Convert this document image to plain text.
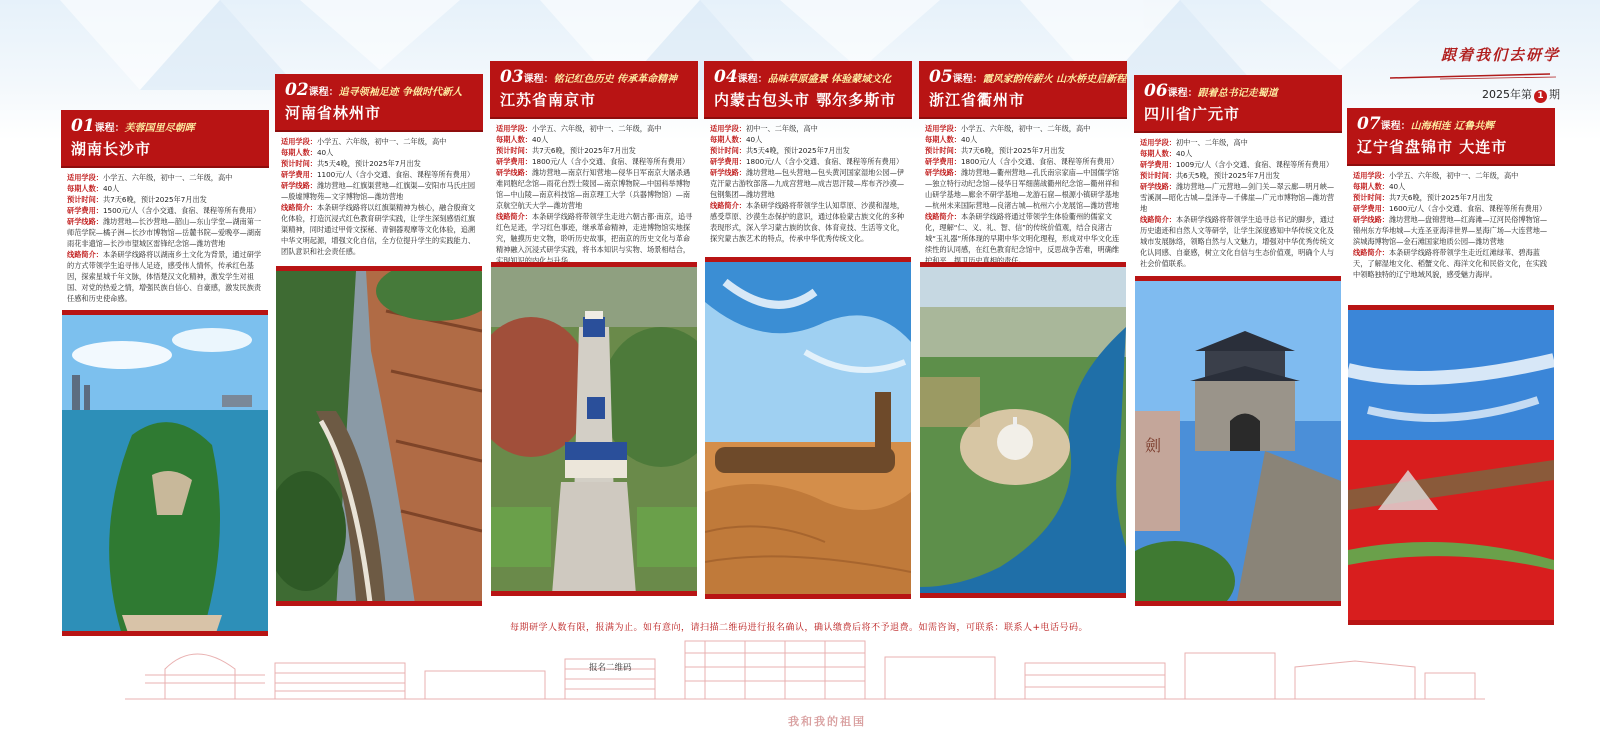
跟着我们去研学
2025年第 1 期
01课程：芙蓉国里尽朝晖
湖南长沙市
适用学段：小学五、六年级，初中一、二年级，高中
每期人数：40人
预计时间：共7天6晚，预计2025年7月出发
研学费用：1500元/人（含小交通、食宿、课程等所有费用）
研学线路：潍坊营地—长沙营地—韶山—东山学堂—湖南第一师范学院—橘子洲—长沙市博物馆—岳麓书院—爱晚亭—湖南雨花非遗馆—长沙市望城区雷锋纪念馆—潍坊营地
线路简介：本条研学线路将以湖南乡土文化为背景，通过研学的方式带领学生追寻伟人足迹，感受伟人情怀，传承红色基因，探索星城千年文脉，体悟楚汉文化精神，激发学生对祖国、对党的热爱之情，增强民族自信心、自豪感，激发民族责任感和历史使命感。
02课程：追寻领袖足迹 争做时代新人
河南省林州市
适用学段：小学五、六年级，初中一、二年级，高中
每期人数：40人
预计时间：共5天4晚，预计2025年7月出发
研学费用：1100元/人（含小交通、食宿、课程等所有费用）
研学线路：潍坊营地—红旗渠营地—红旗渠—安阳市马氏庄园—殷墟博物苑—文字博物馆—潍坊营地
线路简介：本条研学线路将以红旗渠精神为核心，融合殷商文化体验，打造沉浸式红色教育研学实践，让学生深刻感悟红旗渠精神，同时通过甲骨文探秘、青铜器观摩等文化体验，追溯中华文明起源，增强文化自信，全方位提升学生的实践能力、团队意识和社会责任感。
03课程：铭记红色历史 传承革命精神
江苏省南京市
适用学段：小学五、六年级，初中一、二年级，高中
每期人数：40人
预计时间：共7天6晚，预计2025年7月出发
研学费用：1800元/人（含小交通、食宿、课程等所有费用）
研学线路：潍坊营地—南京行知营地—侵华日军南京大屠杀遇难同胞纪念馆—雨花台烈士陵园—南京博物院—中国科举博物馆—中山陵—南京科技馆—南京理工大学（兵器博物馆）—南京航空航天大学—潍坊营地
线路简介：本条研学线路将带领学生走进六朝古都·南京，追寻红色足迹，学习红色事迹，继承革命精神，走进博物馆实地探究，触摸历史文物，聆听历史故事，把南京的历史文化与革命精神融入沉浸式研学实践，将书本知识与实物、场景相结合，实现知识的内化与升华。
04课程：品味草原盛景 体验蒙域文化
内蒙古包头市 鄂尔多斯市
适用学段：初中一、二年级，高中
每期人数：40人
预计时间：共5天4晚，预计2025年7月出发
研学费用：1800元/人（含小交通、食宿、课程等所有费用）
研学线路：潍坊营地—包头营地—包头黄河国家湿地公园—伊克汗蒙古游牧部落—九成宫营地—成吉思汗陵—库布齐沙漠—包钢集团—潍坊营地
线路简介：本条研学线路将带领学生认知草原、沙漠和湿地，感受草原、沙漠生态保护的意识，通过体验蒙古族文化的多种表现形式，深入学习蒙古族的饮食、体育竞技、生活等文化，探究蒙古族艺术的特点，传承中华优秀传统文化。
05课程：霞风家韵传薪火 山水桥史启新程
浙江省衢州市
适用学段：小学五、六年级，初中一、二年级，高中
每期人数：40人
预计时间：共7天6晚，预计2025年7月出发
研学费用：1800元/人（含小交通、食宿、课程等所有费用）
研学线路：潍坊营地—衢州营地—孔氏南宗家庙—中国儒学馆—独立特行动纪念馆—侵华日军细菌战衢州纪念馆—衢州祥和山研学基地—廊余不研学基地—龙游石窟—根源小镇研学基地—杭州未来国际营地—良渚古城—杭州六小龙展馆—潍坊营地
线路简介：本条研学线路将通过带领学生体验衢州的儒家文化，理解“仁、义、礼、智、信”的传统价值观，结合良渚古城“玉礼器”所体现的早期中华文明化理程，形成对中华文化连续性的认同感，在红色教育纪念馆中，反思战争苦难，明确维护和平、捍卫历史真相的责任。
06课程：跟着总书记走蜀道
四川省广元市
适用学段：初中一、二年级，高中
每期人数：40人
研学费用：1009元/人（含小交通、食宿、课程等所有费用）
预计时间：共6天5晚，预计2025年7月出发
研学线路：潍坊营地—广元营地—剑门关—翠云廊—明月峡—雪溪洞—昭化古城—皇泽寺—千佛崖—广元市博物馆—潍坊营地
线路简介：本条研学线路将带领学生追寻总书记的脚步，通过历史遗迹和自然人文等研学，让学生深度感知中华传统文化及城市发展脉络，领略自然与人文魅力，增强对中华优秀传统文化认同感、自豪感，树立文化自信与生态价值观，明确个人与社会价值联系。
劍
07课程：山海相连 辽鲁共辉
辽宁省盘锦市 大连市
适用学段：小学五、六年级，初中一、二年级，高中
每期人数：40人
预计时间：共7天6晚，预计2025年7月出发
研学费用：1600元/人（含小交通、食宿、课程等所有费用）
研学线路：潍坊营地—盘锦营地—红海滩—辽河民俗博物馆—锦州东方华地城—大连圣亚海洋世界—星海广场—大连营地—滨城海博物馆—金石滩国家地质公园—潍坊营地
线路简介：本条研学线路将带领学生走近红滩绿苇、碧海蓝天，了解湿地文化、稻蟹文化、海洋文化和民俗文化，在实践中领略独特的辽宁地域风貌，感受魅力海岸。
每期研学人数有限，报满为止。如有意向，请扫描二维码进行报名确认，确认缴费后将不予退费。如需咨询，可联系：联系人+电话号码。
报名二维码
我和我的祖国
